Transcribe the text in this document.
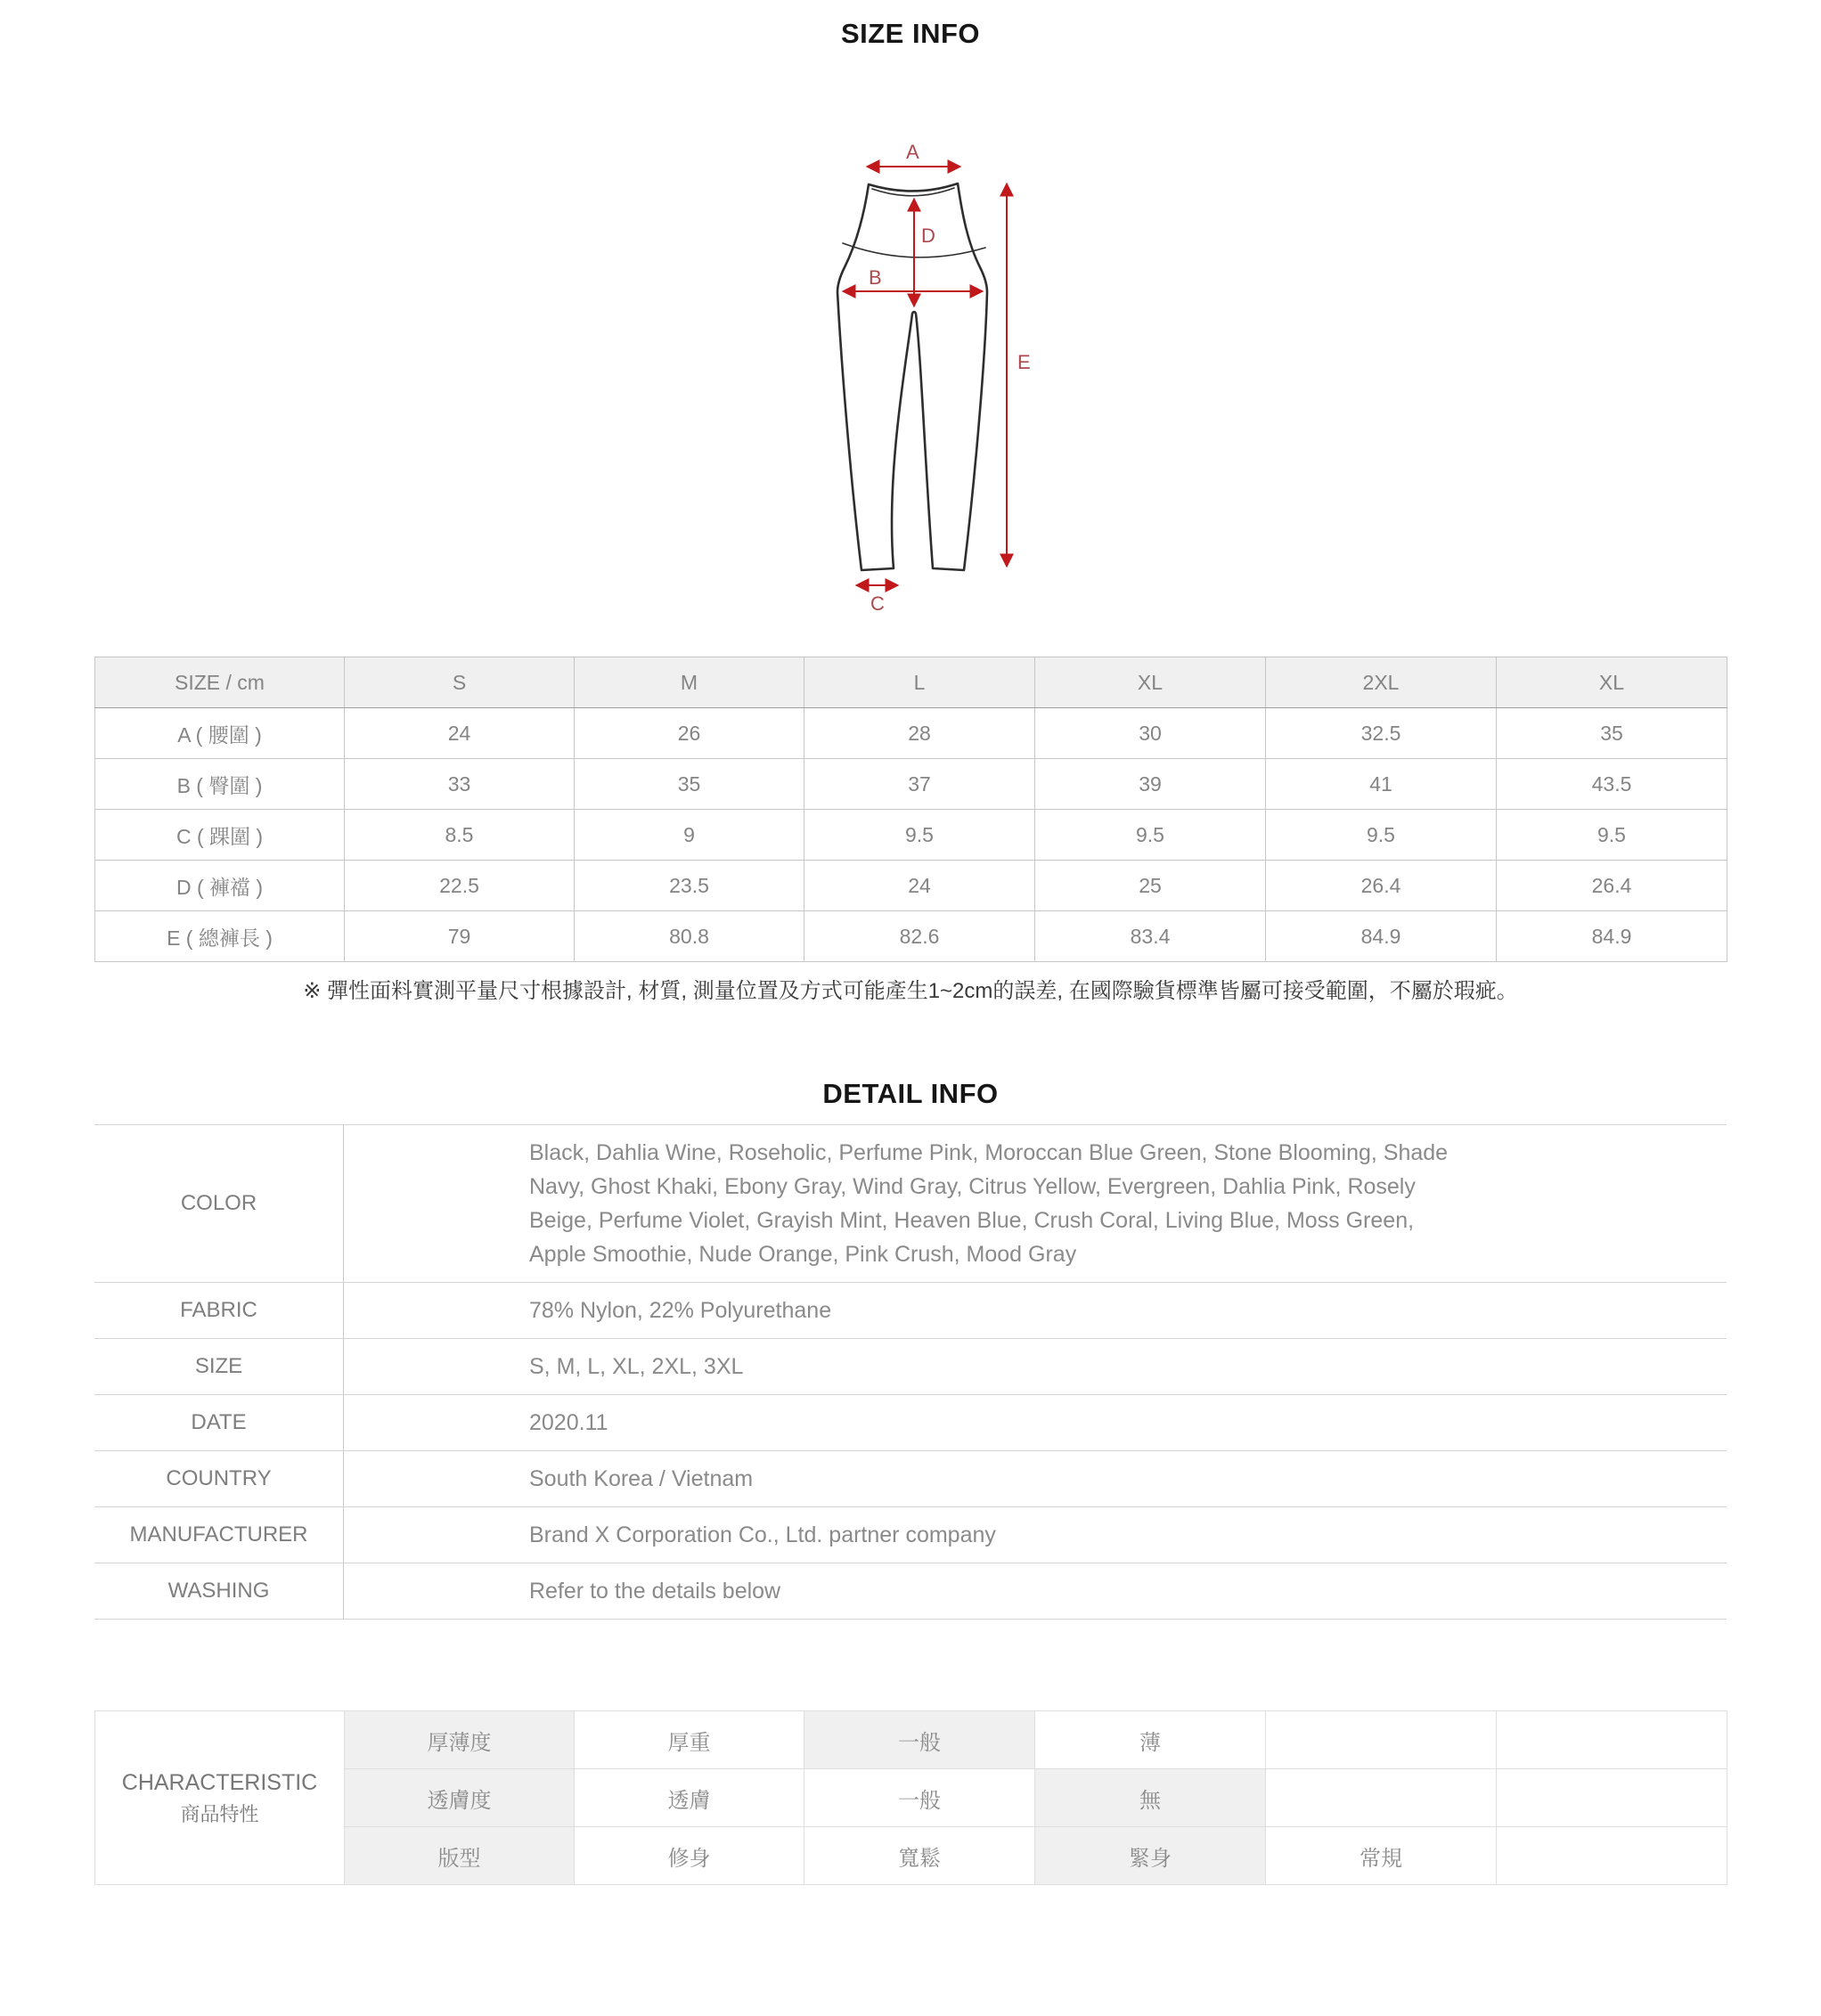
SIZE INFO
DETAIL INFO
A
D
B
E
C
SIZE / cm	S	M	L	XL	2XL	XL
A ( 腰圍 )	24	26	28	30	32.5	35
B ( 臀圍 )	33	35	37	39	41	43.5
C ( 踝圍 )	8.5	9	9.5	9.5	9.5	9.5
D ( 褲襠 )	22.5	23.5	24	25	26.4	26.4
E ( 總褲長 )	79	80.8	82.6	83.4	84.9	84.9
※ 彈性面料實測平量尺寸根據設計, 材質, 測量位置及方式可能產生1~2cm的誤差, 在國際驗貨標準皆屬可接受範圍，不屬於瑕疵。
COLOR
Black, Dahlia Wine, Roseholic, Perfume Pink, Moroccan Blue Green, Stone Blooming, Shade
Navy, Ghost Khaki, Ebony Gray, Wind Gray, Citrus Yellow, Evergreen, Dahlia Pink, Rosely
Beige, Perfume Violet, Grayish Mint, Heaven Blue, Crush Coral, Living Blue, Moss Green,
Apple Smoothie, Nude Orange, Pink Crush, Mood Gray
FABRIC	78% Nylon, 22% Polyurethane
SIZE	S, M, L, XL, 2XL, 3XL
DATE	2020.11
COUNTRY	South Korea / Vietnam
MANUFACTURER	Brand X Corporation Co., Ltd. partner company
WASHING	Refer to the details below
CHARACTERISTIC
商品特性	厚薄度	厚重	一般	薄		
	透膚度	透膚	一般	無		
	版型	修身	寬鬆	緊身	常規	
